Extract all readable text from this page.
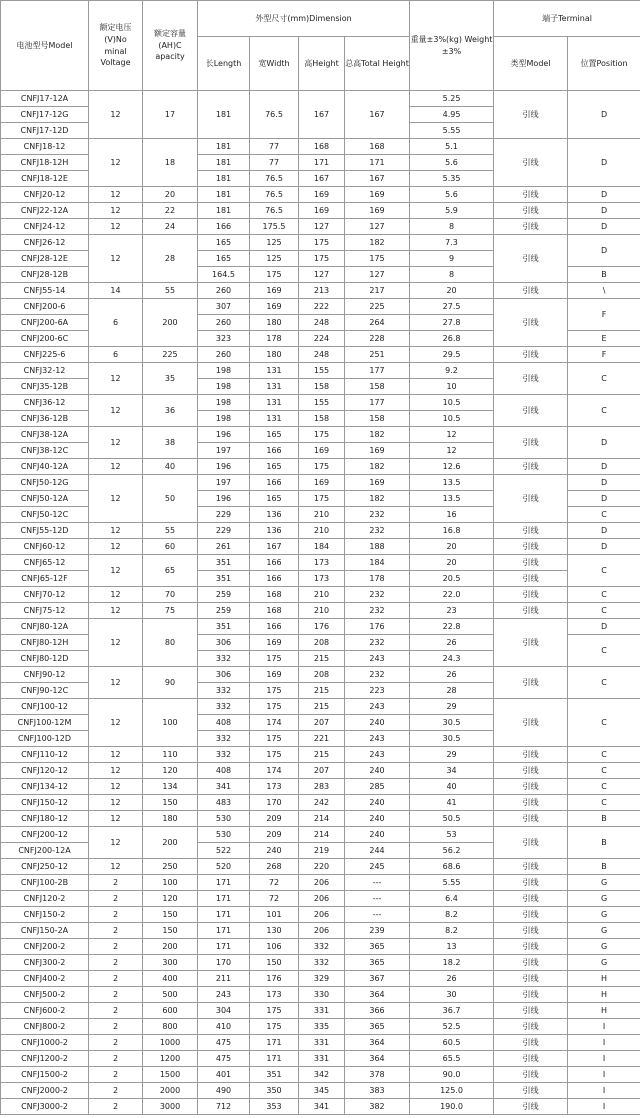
电池型号Model	额定电压 (V)No
minal Voltage	额定容量(AH)C
apacity	外型尺寸(mm)Dimension				重量±3%(kg) Weight
±3%	端子Terminal	
			长Length	宽Width	高Height	总高Total Height		类型Model	位置Position
CNFJ17-12A	12	17	181	76.5	167	167	5.25	引线	D
CNFJ17-12G							4.95		
CNFJ17-12D							5.55		
CNFJ18-12	12	18	181	77	168	168	5.1	引线	D
CNFJ18-12H			181	77	171	171	5.6		
CNFJ18-12E			181	76.5	167	167	5.35		
CNFJ20-12	12	20	181	76.5	169	169	5.6	引线	D
CNFJ22-12A	12	22	181	76.5	169	169	5.9	引线	D
CNFJ24-12	12	24	166	175.5	127	127	8	引线	D
CNFJ26-12	12	28	165	125	175	182	7.3	引线	D
CNFJ28-12E			165	125	175	175	9		
CNFJ28-12B			164.5	175	127	127	8		B
CNFJ55-14	14	55	260	169	213	217	20	引线	\
CNFJ200-6	6	200	307	169	222	225	27.5	引线	F
CNFJ200-6A			260	180	248	264	27.8		
CNFJ200-6C			323	178	224	228	26.8		E
CNFJ225-6	6	225	260	180	248	251	29.5	引线	F
CNFJ32-12	12	35	198	131	155	177	9.2	引线	C
CNFJ35-12B			198	131	158	158	10		
CNFJ36-12	12	36	198	131	155	177	10.5	引线	C
CNFJ36-12B			198	131	158	158	10.5		
CNFJ38-12A	12	38	196	165	175	182	12	引线	D
CNFJ38-12C			197	166	169	169	12		
CNFJ40-12A	12	40	196	165	175	182	12.6	引线	D
CNFJ50-12G	12	50	197	166	169	169	13.5	引线	D
CNFJ50-12A			196	165	175	182	13.5		D
CNFJ50-12C			229	136	210	232	16		C
CNFJ55-12D	12	55	229	136	210	232	16.8	引线	D
CNFJ60-12	12	60	261	167	184	188	20	引线	D
CNFJ65-12	12	65	351	166	173	184	20	引线	C
CNFJ65-12F			351	166	173	178	20.5	引线	
CNFJ70-12	12	70	259	168	210	232	22.0	引线	C
CNFJ75-12	12	75	259	168	210	232	23	引线	C
CNFJ80-12A	12	80	351	166	176	176	22.8	引线	D
CNFJ80-12H			306	169	208	232	26		C
CNFJ80-12D			332	175	215	243	24.3		
CNFJ90-12	12	90	306	169	208	232	26	引线	C
CNFJ90-12C			332	175	215	223	28		
CNFJ100-12	12	100	332	175	215	243	29	引线	C
CNFJ100-12M			408	174	207	240	30.5		
CNFJ100-12D			332	175	221	243	30.5		
CNFJ110-12	12	110	332	175	215	243	29	引线	C
CNFJ120-12	12	120	408	174	207	240	34	引线	C
CNFJ134-12	12	134	341	173	283	285	40	引线	C
CNFJ150-12	12	150	483	170	242	240	41	引线	C
CNFJ180-12	12	180	530	209	214	240	50.5	引线	B
CNFJ200-12	12	200	530	209	214	240	53	引线	B
CNFJ200-12A			522	240	219	244	56.2		
CNFJ250-12	12	250	520	268	220	245	68.6	引线	B
CNFJ100-2B	2	100	171	72	206	---	5.55	引线	G
CNFJ120-2	2	120	171	72	206	---	6.4	引线	G
CNFJ150-2	2	150	171	101	206	---	8.2	引线	G
CNFJ150-2A	2	150	171	130	206	239	8.2	引线	G
CNFJ200-2	2	200	171	106	332	365	13	引线	G
CNFJ300-2	2	300	170	150	332	365	18.2	引线	G
CNFJ400-2	2	400	211	176	329	367	26	引线	H
CNFJ500-2	2	500	243	173	330	364	30	引线	H
CNFJ600-2	2	600	304	175	331	366	36.7	引线	H
CNFJ800-2	2	800	410	175	335	365	52.5	引线	I
CNFJ1000-2	2	1000	475	171	331	364	60.5	引线	I
CNFJ1200-2	2	1200	475	171	331	364	65.5	引线	I
CNFJ1500-2	2	1500	401	351	342	378	90.0	引线	I
CNFJ2000-2	2	2000	490	350	345	383	125.0	引线	I
CNFJ3000-2	2	3000	712	353	341	382	190.0	引线	I
